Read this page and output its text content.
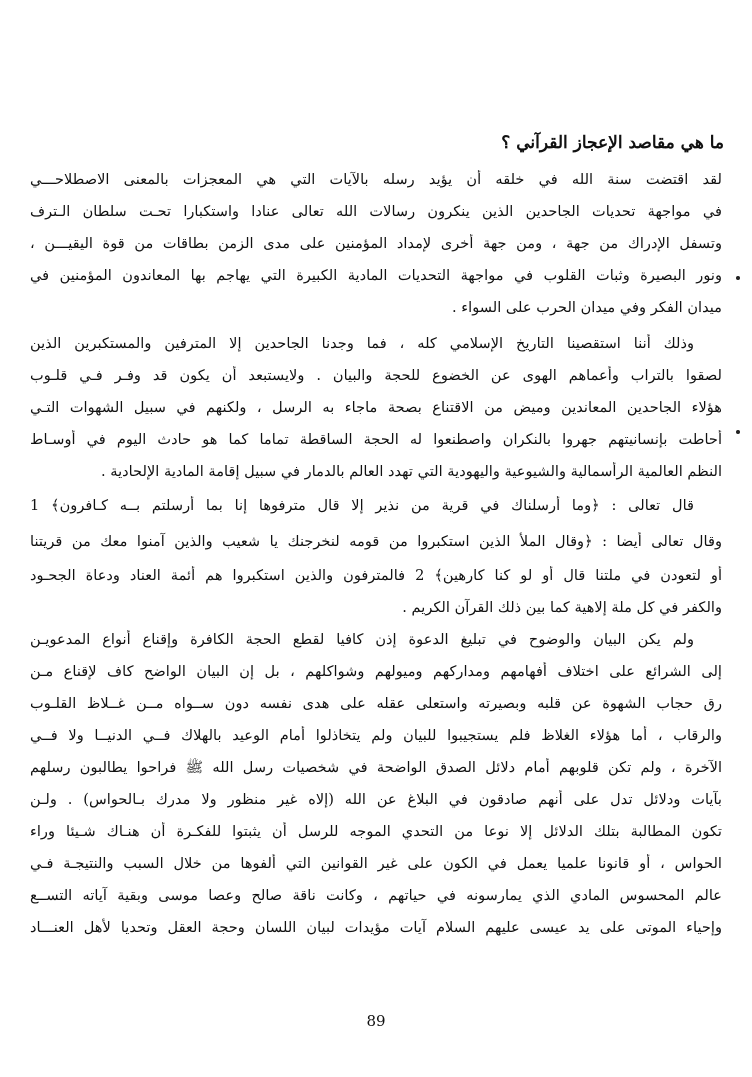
ما هي مقاصد الإعجاز القرآني ؟

لقد اقتضت سنة الله في خلقه أن يؤيد رسله بالآيات التي هي المعجزات بالمعنى الاصطلاحـــي

في مواجهة تحديات الجاحدين الذين ينكرون رسالات الله تعالى عنادا واستكبارا تحـت سلطان الـترف

وتسفل الإدراك من جهة ، ومن جهة أخرى لإمداد المؤمنين على مدى الزمن بطاقات من قوة اليقيـــن ،

ونور البصيرة وثبات القلوب في مواجهة التحديات المادية الكبيرة التي يهاجم بها المعاندون المؤمنين في

ميدان الفكر وفي ميدان الحرب على السواء .

وذلك أننا استقصينا التاريخ الإسلامي كله ، فما وجدنا الجاحدين إلا المترفين والمستكبرين الذين

لصقوا بالتراب وأعماهم الهوى عن الخضوع للحجة والبيان . ولايستبعد أن يكون قد وفـر فـي قلـوب

هؤلاء الجاحدين المعاندين وميض من الاقتناع بصحة ماجاء به الرسل ، ولكنهم في سبيل الشهوات التـي

أحاطت بإنسانيتهم جهروا بالنكران واصطنعوا له الحجة الساقطة تماما كما هو حادث اليوم في أوسـاط

النظم العالمية الرأسمالية والشيوعية واليهودية التي تهدد العالم بالدمار في سبيل إقامة المادية الإلحادية .

قال تعالى : ﴿وما أرسلناك في قرية من نذير إلا قال مترفوها إنا بما أرسلتم بــه كـافرون﴾ 1

وقال تعالى أيضا : ﴿وقال الملأ الذين استكبروا من قومه لنخرجنك يا شعيب والذين آمنوا معك من قريتنا

أو لتعودن في ملتنا قال أو لو كنا كارهين﴾ 2 فالمترفون والذين استكبروا هم أئمة العناد ودعاة الجحـود

والكفر في كل ملة إلاهية كما بين ذلك القرآن الكريم .

ولم يكن البيان والوضوح في تبليغ الدعوة إذن كافيا لقطع الحجة الكافرة وإقناع أنواع المدعويـن

إلى الشرائع على اختلاف أفهامهم ومداركهم وميولهم وشواكلهم ، بل إن البيان الواضح كاف لإقناع مـن

رق حجاب الشهوة عن قلبه وبصيرته واستعلى عقله على هدى نفسه دون ســواه مــن غــلاظ القلـوب

والرقاب ، أما هؤلاء الغلاظ فلم يستجيبوا للبيان ولم يتخاذلوا أمام الوعيد بالهلاك فــي الدنيــا ولا فــي

الآخرة ، ولم تكن قلوبهم أمام دلائل الصدق الواضحة في شخصيات رسل الله ﷺ فراحوا يطالبون رسلهم

بآيات ودلائل تدل على أنهم صادقون في البلاغ عن الله (إلاه غير منظور ولا مدرك بـالحواس) . ولـن

تكون المطالبة بتلك الدلائل إلا نوعا من التحدي الموجه للرسل أن يثبتوا للفكـرة أن هنـاك شـيئا وراء

الحواس ، أو قانونا علميا يعمل في الكون على غير القوانين التي ألفوها من خلال السبب والنتيجـة فـي

عالم المحسوس المادي الذي يمارسونه في حياتهم ، وكانت ناقة صالح وعصا موسى وبقية آياته التســع

وإحياء الموتى على يد عيسى عليهم السلام آيات مؤيدات لبيان اللسان وحجة العقل وتحديا لأهل العنـــاد

89
